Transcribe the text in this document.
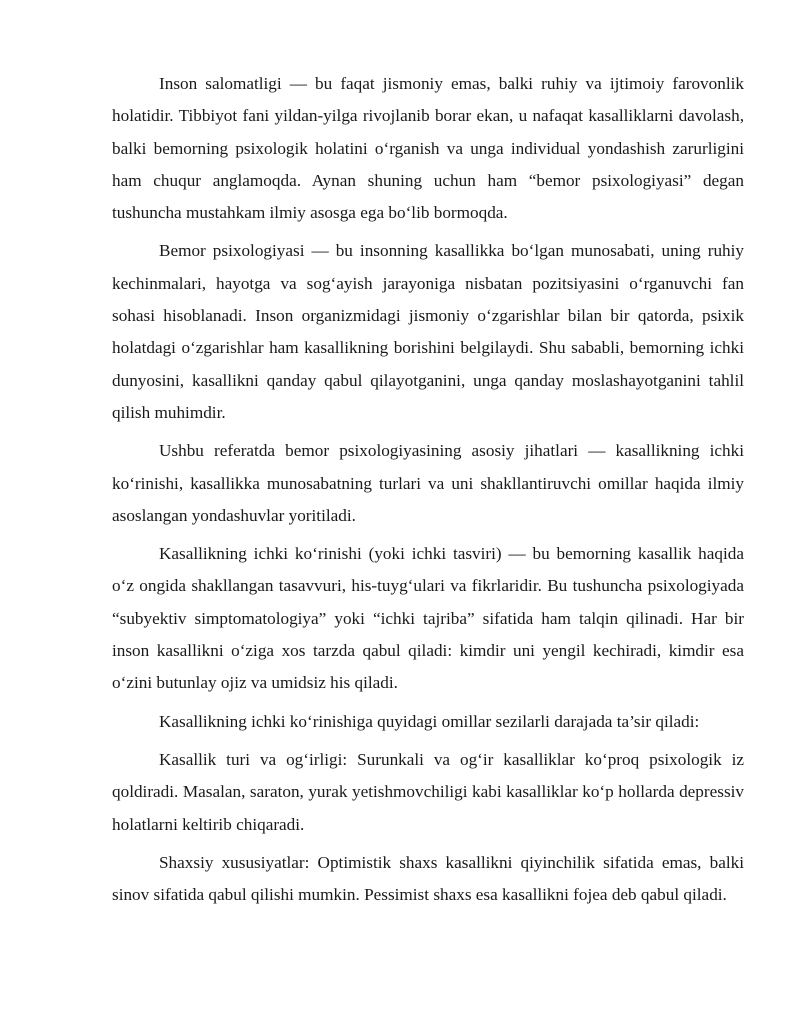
Inson salomatligi — bu faqat jismoniy emas, balki ruhiy va ijtimoiy farovonlik holatidir. Tibbiyot fani yildan-yilga rivojlanib borar ekan, u nafaqat kasalliklarni davolash, balki bemorning psixologik holatini o‘rganish va unga individual yondashish zarurligini ham chuqur anglamoqda. Aynan shuning uchun ham “bemor psixologiyasi” degan tushuncha mustahkam ilmiy asosga ega bo‘lib bormoqda.

Bemor psixologiyasi — bu insonning kasallikka bo‘lgan munosabati, uning ruhiy kechinmalari, hayotga va sog‘ayish jarayoniga nisbatan pozitsiyasini o‘rganuvchi fan sohasi hisoblanadi. Inson organizmidagi jismoniy o‘zgarishlar bilan bir qatorda, psixik holatdagi o‘zgarishlar ham kasallikning borishini belgilaydi. Shu sababli, bemorning ichki dunyosini, kasallikni qanday qabul qilayotganini, unga qanday moslashayotganini tahlil qilish muhimdir.

Ushbu referatda bemor psixologiyasining asosiy jihatlari — kasallikning ichki ko‘rinishi, kasallikka munosabatning turlari va uni shakllantiruvchi omillar haqida ilmiy asoslangan yondashuvlar yoritiladi.

Kasallikning ichki ko‘rinishi (yoki ichki tasviri) — bu bemorning kasallik haqida o‘z ongida shakllangan tasavvuri, his-tuyg‘ulari va fikrlaridir. Bu tushuncha psixologiyada “subyektiv simptomatologiya” yoki “ichki tajriba” sifatida ham talqin qilinadi. Har bir inson kasallikni o‘ziga xos tarzda qabul qiladi: kimdir uni yengil kechiradi, kimdir esa o‘zini butunlay ojiz va umidsiz his qiladi.

Kasallikning ichki ko‘rinishiga quyidagi omillar sezilarli darajada ta’sir qiladi:

Kasallik turi va og‘irligi: Surunkali va og‘ir kasalliklar ko‘proq psixologik iz qoldiradi. Masalan, saraton, yurak yetishmovchiligi kabi kasalliklar ko‘p hollarda depressiv holatlarni keltirib chiqaradi.

Shaxsiy xususiyatlar: Optimistik shaxs kasallikni qiyinchilik sifatida emas, balki sinov sifatida qabul qilishi mumkin. Pessimist shaxs esa kasallikni fojea deb qabul qiladi.
